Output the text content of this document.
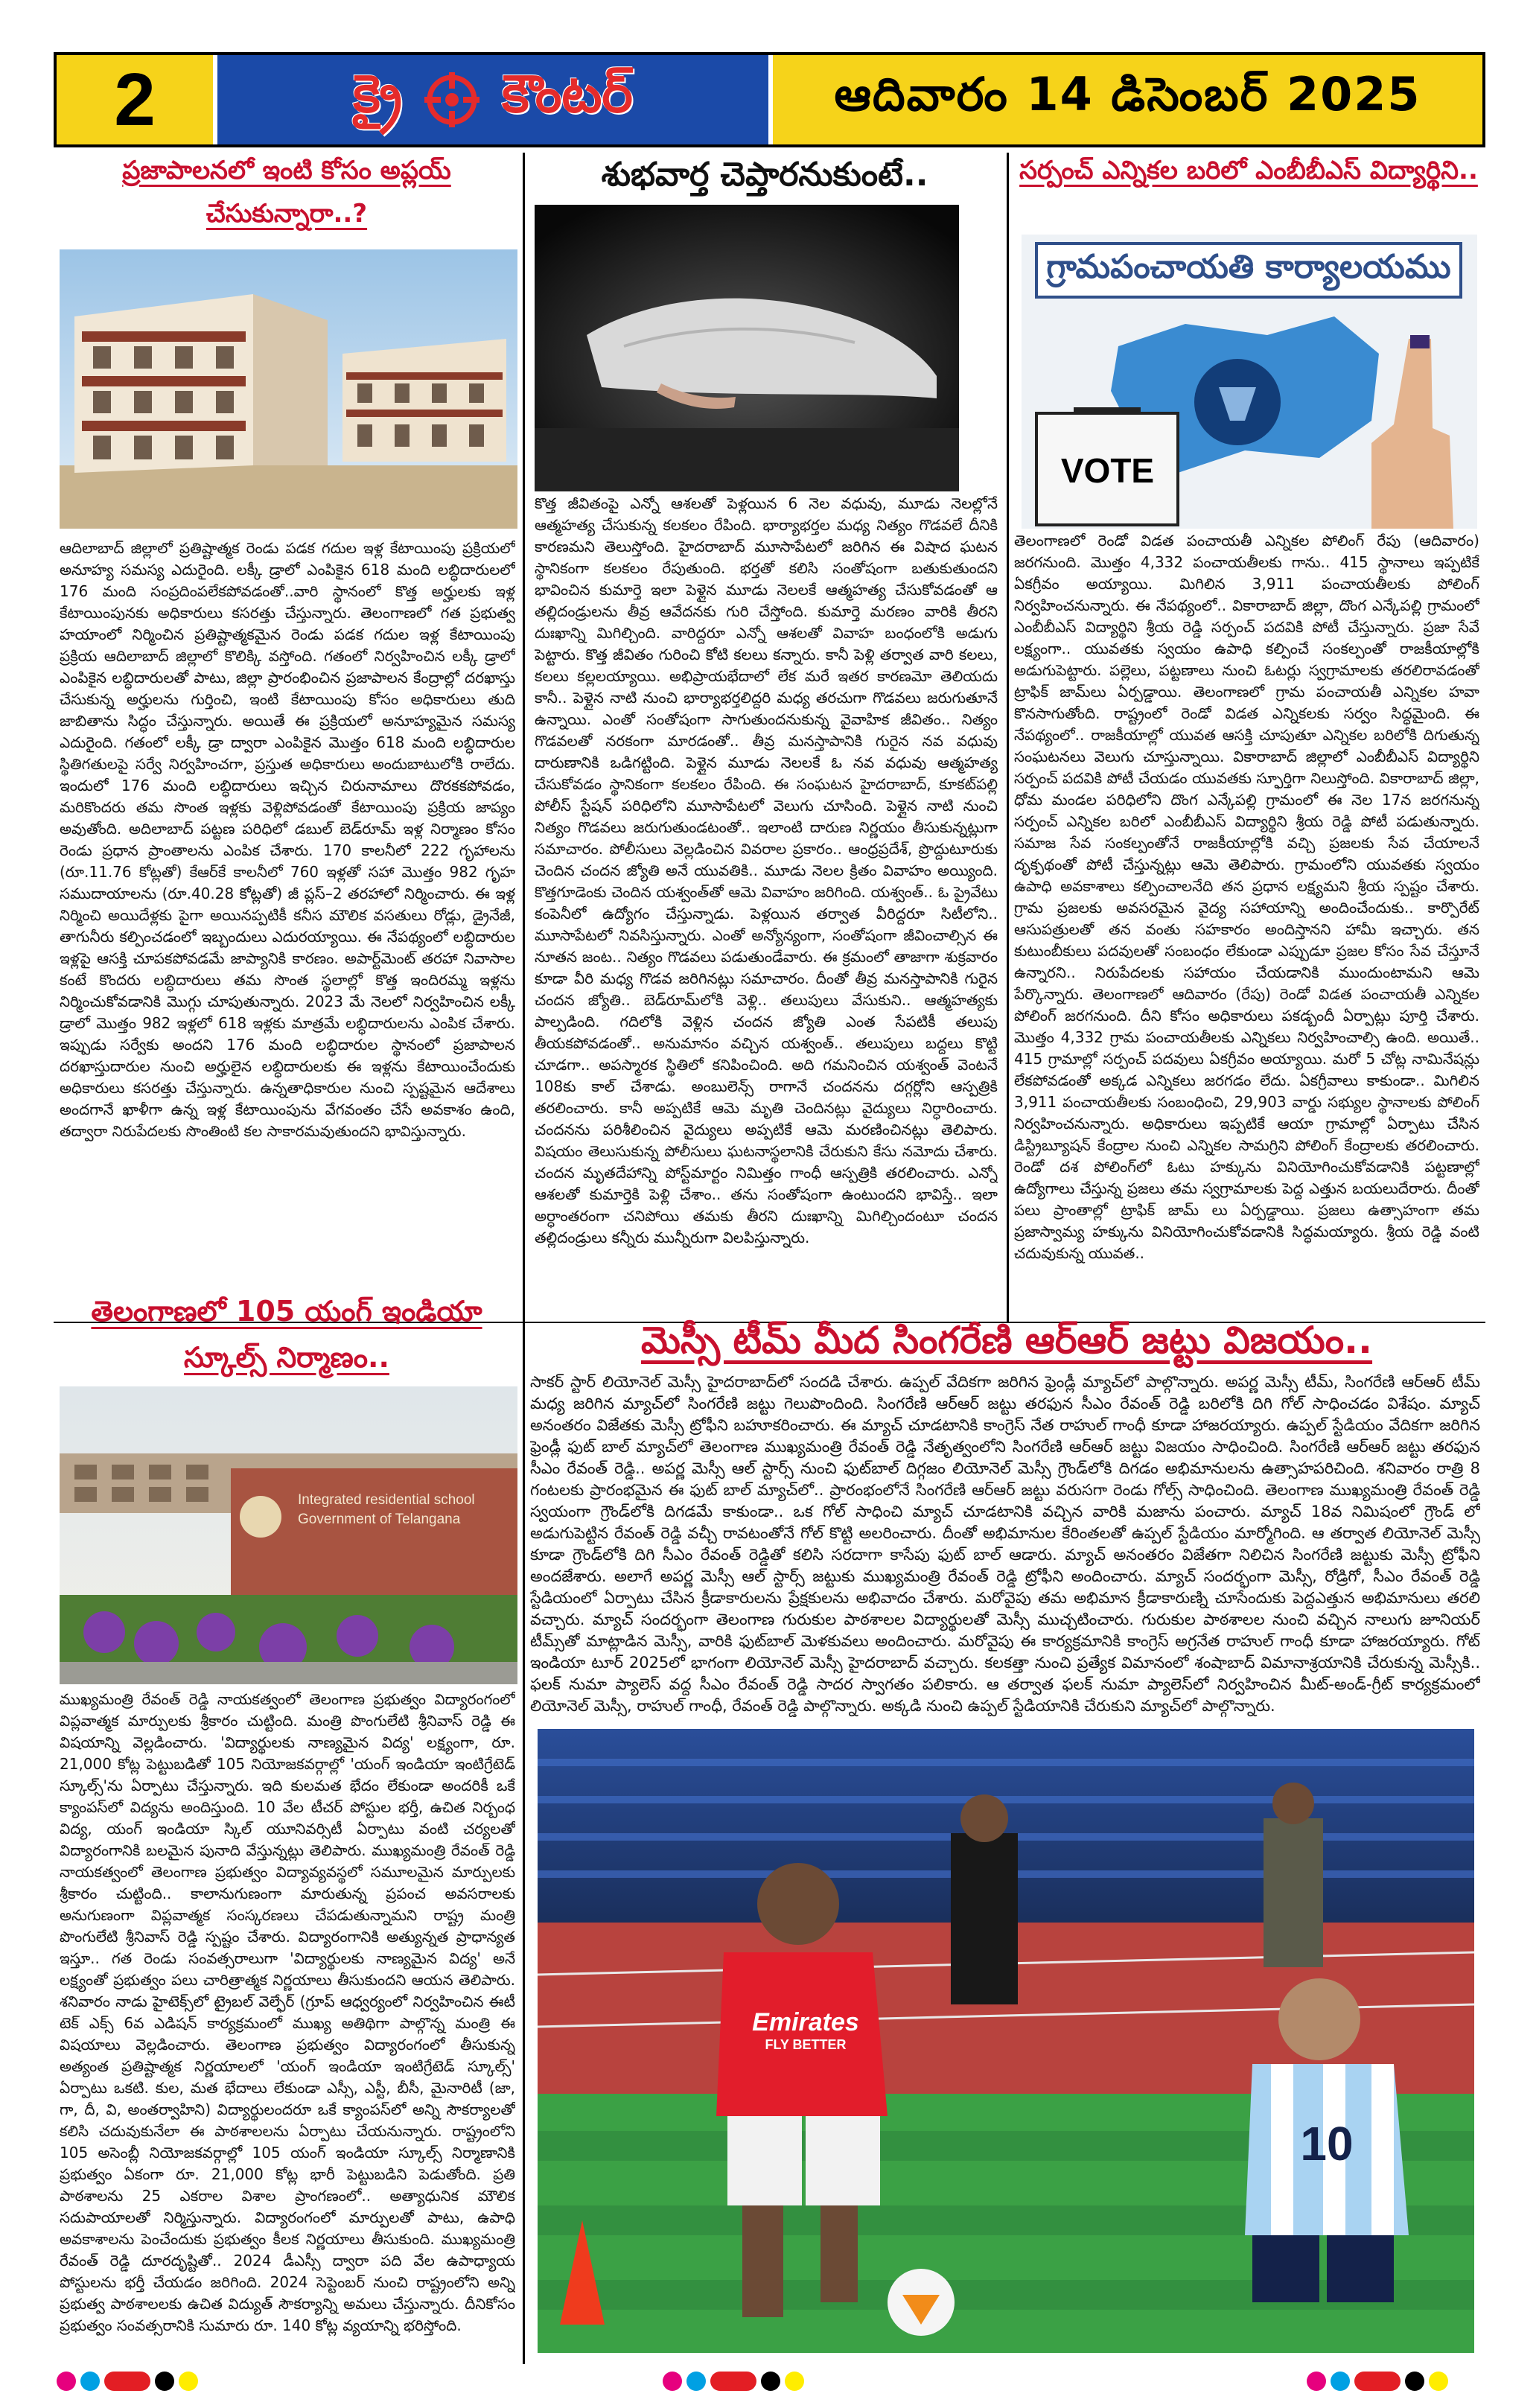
2	క్రై కౌంటర్	ఆదివారం 14 డిసెంబర్ 2025
ప్రజాపాలనలో ఇంటి కోసం అప్లయ్ చేసుకున్నారా..?

ఆదిలాబాద్ జిల్లాలో ప్రతిష్టాత్మక రెండు పడక గదుల ఇళ్ల కేటాయింపు ప్రక్రియలో అనూహ్య సమస్య ఎదురైంది. లక్కీ డ్రాలో ఎంపికైన 618 మంది లబ్ధిదారులలో 176 మంది సంప్రదింపలేకపోవడంతో..వారి స్థానంలో కొత్త అర్హులకు ఇళ్ల కేటాయింపునకు అధికారులు కసరత్తు చేస్తున్నారు. తెలంగాణలో గత ప్రభుత్వ హయాంలో నిర్మించిన ప్రతిష్టాత్మకమైన రెండు పడక గదుల ఇళ్ల కేటాయింపు ప్రక్రియ ఆదిలాబాద్ జిల్లాలో కొలిక్కి వస్తోంది. గతంలో నిర్వహించిన లక్కీ డ్రాలో ఎంపికైన లబ్ధిదారులతో పాటు, జిల్లా ప్రారంభించిన ప్రజాపాలన కేంద్రాల్లో దరఖాస్తు చేసుకున్న అర్హులను గుర్తించి, ఇంటి కేటాయింపు కోసం అధికారులు తుది జాబితాను సిద్ధం చేస్తున్నారు. అయితే ఈ ప్రక్రియలో అనూహ్యమైన సమస్య ఎదురైంది. గతంలో లక్కీ డ్రా ద్వారా ఎంపికైన మొత్తం 618 మంది లబ్ధిదారుల స్థితిగతులపై సర్వే నిర్వహించగా, ప్రస్తుత అధికారులు అందుబాటులోకి రాలేదు. ఇందులో 176 మంది లబ్ధిదారులు ఇచ్చిన చిరునామాలు దొరకకపోవడం, మరికొందరు తమ సొంత ఇళ్లకు వెళ్లిపోవడంతో కేటాయింపు ప్రక్రియ జాప్యం అవుతోంది. అదిలాబాద్ పట్టణ పరిధిలో డబుల్ బెడ్‌రూమ్ ఇళ్ల నిర్మాణం కోసం రెండు ప్రధాన ప్రాంతాలను ఎంపిక చేశారు. 170 కాలనీలో 222 గృహాలను (రూ.11.76 కోట్లతో) కేఆర్‌కే కాలనీలో 760 ఇళ్లతో సహా మొత్తం 982 గృహ సముదాయాలను (రూ.40.28 కోట్లతో) జీ ప్లస్–2 తరహాలో నిర్మించారు. ఈ ఇళ్ల నిర్మించి అయిదేళ్లకు పైగా అయినప్పటికీ కనీస మౌలిక వసతులు రోడ్లు, డ్రైనేజీ, తాగునీరు కల్పించడంలో ఇబ్బందులు ఎదురయ్యాయి. ఈ నేపథ్యంలో లబ్ధిదారుల ఇళ్లపై ఆసక్తి చూపకపోవడమే జాప్యానికి కారణం. అపార్ట్‌మెంట్ తరహా నివాసాల కంటే కొందరు లబ్ధిదారులు తమ సొంత స్థలాల్లో కొత్త ఇందిరమ్మ ఇళ్లను నిర్మించుకోవడానికి మొగ్గు చూపుతున్నారు. 2023 మే నెలలో నిర్వహించిన లక్కీ డ్రాలో మొత్తం 982 ఇళ్లలో 618 ఇళ్లకు మాత్రమే లబ్ధిదారులను ఎంపిక చేశారు. ఇప్పుడు సర్వేకు అందని 176 మంది లబ్ధిదారుల స్థానంలో ప్రజాపాలన దరఖాస్తుదారుల నుంచి అర్హులైన లబ్ధిదారులకు ఈ ఇళ్లను కేటాయించేందుకు అధికారులు కసరత్తు చేస్తున్నారు. ఉన్నతాధికారుల నుంచి స్పష్టమైన ఆదేశాలు అందగానే ఖాళీగా ఉన్న ఇళ్ల కేటాయింపును వేగవంతం చేసే అవకాశం ఉంది, తద్వారా నిరుపేదలకు సొంతింటి కల సాకారమవుతుందని భావిస్తున్నారు.

శుభవార్త చెప్తారనుకుంటే..

కొత్త జీవితంపై ఎన్నో ఆశలతో పెళ్లయిన 6 నెల వధువు, మూడు నెలల్లోనే ఆత్మహత్య చేసుకున్న కలకలం రేపింది. భార్యాభర్తల మధ్య నిత్యం గొడవలే దీనికి కారణమని తెలుస్తోంది. హైదరాబాద్ మూసాపేటలో జరిగిన ఈ విషాద ఘటన స్థానికంగా కలకలం రేపుతుంది. భర్తతో కలిసి సంతోషంగా బతుకుతుందని భావించిన కుమార్తె ఇలా పెళ్లైన మూడు నెలలకే ఆత్మహత్య చేసుకోవడంతో ఆ తల్లిదండ్రులను తీవ్ర ఆవేదనకు గురి చేస్తోంది. కుమార్తె మరణం వారికి తీరని దుఃఖాన్ని మిగిల్చింది. వారిద్దరూ ఎన్నో ఆశలతో వివాహ బంధంలోకి అడుగు పెట్టారు. కొత్త జీవితం గురించి కోటి కలలు కన్నారు. కానీ పెళ్లి తర్వాత వారి కలలు, కలలు కల్లలయ్యాయి. అభిప్రాయభేదాలో లేక మరే ఇతర కారణమో తెలియదు కానీ.. పెళ్లైన నాటి నుంచి భార్యాభర్తలిద్దరి మధ్య తరచుగా గొడవలు జరుగుతూనే ఉన్నాయి. ఎంతో సంతోషంగా సాగుతుందనుకున్న వైవాహిక జీవితం.. నిత్యం గొడవలతో నరకంగా మారడంతో.. తీవ్ర మనస్తాపానికి గురైన నవ వధువు దారుణానికి ఒడిగట్టింది. పెళ్లైన మూడు నెలలకే ఓ నవ వధువు ఆత్మహత్య చేసుకోవడం స్థానికంగా కలకలం రేపింది. ఈ సంఘటన హైదరాబాద్, కూకట్‌పల్లి పోలీస్ స్టేషన్ పరిధిలోని మూసాపేటలో వెలుగు చూసింది. పెళ్లైన నాటి నుంచి నిత్యం గొడవలు జరుగుతుండటంతో.. ఇలాంటి దారుణ నిర్ణయం తీసుకున్నట్లుగా సమాచారం. పోలీసులు వెల్లడించిన వివరాల ప్రకారం.. ఆంధ్రప్రదేశ్, ప్రొద్దుటూరుకు చెందిన చందన జ్యోతి అనే యువతికి.. మూడు నెలల క్రితం వివాహం అయ్యింది. కొత్తగూడెంకు చెందిన యశ్వంత్‌తో ఆమె వివాహం జరిగింది. యశ్వంత్.. ఓ ప్రైవేటు కంపెనీలో ఉద్యోగం చేస్తున్నాడు. పెళ్లయిన తర్వాత వీరిద్దరూ సిటీలోని.. మూసాపేటలో నివసిస్తున్నారు. ఎంతో అన్యోన్యంగా, సంతోషంగా జీవించాల్సిన ఈ నూతన జంట.. నిత్యం గొడవలు పడుతుండేవారు. ఈ క్రమంలో తాజాగా శుక్రవారం కూడా వీరి మధ్య గొడవ జరిగినట్లు సమాచారం. దీంతో తీవ్ర మనస్తాపానికి గురైన చందన జ్యోతి.. బెడ్‌రూమ్‌లోకి వెళ్లి.. తలుపులు వేసుకుని.. ఆత్మహత్యకు పాల్పడింది. గదిలోకి వెళ్లిన చందన జ్యోతి ఎంత సేపటికీ తలుపు తీయకపోవడంతో.. అనుమానం వచ్చిన యశ్వంత్.. తలుపులు బద్దలు కొట్టి చూడగా.. అపస్మారక స్థితిలో కనిపించింది. అది గమనించిన యశ్వంత్ వెంటనే 108కు కాల్ చేశాడు. అంబులెన్స్ రాగానే చందనను దగ్గర్లోని ఆస్పత్రికి తరలించారు. కానీ అప్పటికే ఆమె మృతి చెందినట్లు వైద్యులు నిర్ధారించారు. చందనను పరిశీలించిన వైద్యులు అప్పటికే ఆమె మరణించినట్లు తెలిపారు. విషయం తెలుసుకున్న పోలీసులు ఘటనాస్థలానికి చేరుకుని కేసు నమోదు చేశారు. చందన మృతదేహాన్ని పోస్ట్‌మార్టం నిమిత్తం గాంధీ ఆస్పత్రికి తరలించారు. ఎన్నో ఆశలతో కుమార్తెకి పెళ్లి చేశాం.. తను సంతోషంగా ఉంటుందని భావిస్తే.. ఇలా అర్ధాంతరంగా చనిపోయి తమకు తీరని దుఃఖాన్ని మిగిల్చిందంటూ చందన తల్లిదండ్రులు కన్నీరు మున్నీరుగా విలపిస్తున్నారు.

సర్పంచ్ ఎన్నికల బరిలో ఎంబీబీఎస్ విద్యార్థిని..
గ్రామపంచాయతి కార్యాలయము
VOTE

తెలంగాణలో రెండో విడత పంచాయతీ ఎన్నికల పోలింగ్ రేపు (ఆదివారం) జరగనుంది. మొత్తం 4,332 పంచాయతీలకు గాను.. 415 స్థానాలు ఇప్పటికే ఏకగ్రీవం అయ్యాయి. మిగిలిన 3,911 పంచాయతీలకు పోలింగ్ నిర్వహించనున్నారు. ఈ నేపథ్యంలో.. వికారాబాద్ జిల్లా, దొంగ ఎన్కేపల్లి గ్రామంలో ఎంబీబీఎస్ విద్యార్థిని శ్రీయ రెడ్డి సర్పంచ్ పదవికి పోటీ చేస్తున్నారు. ప్రజా సేవే లక్ష్యంగా.. యువతకు స్వయం ఉపాధి కల్పించే సంకల్పంతో రాజకీయాల్లోకి అడుగుపెట్టారు. పల్లెలు, పట్టణాలు నుంచి ఓటర్లు స్వగ్రామాలకు తరలిరావడంతో ట్రాఫిక్ జామ్‌లు ఏర్పడ్డాయి. తెలంగాణలో గ్రామ పంచాయతీ ఎన్నికల హవా కొనసాగుతోంది. రాష్ట్రంలో రెండో విడత ఎన్నికలకు సర్వం సిద్ధమైంది. ఈ నేపథ్యంలో.. రాజకీయాల్లో యువత ఆసక్తి చూపుతూ ఎన్నికల బరిలోకి దిగుతున్న సంఘటనలు వెలుగు చూస్తున్నాయి. వికారాబాద్ జిల్లాలో ఎంబీబీఎస్ విద్యార్థిని సర్పంచ్ పదవికి పోటీ చేయడం యువతకు స్ఫూర్తిగా నిలుస్తోంది. వికారాబాద్ జిల్లా, ధోమ మండల పరిధిలోని దొంగ ఎన్కేపల్లి గ్రామంలో ఈ నెల 17న జరగనున్న సర్పంచ్ ఎన్నికల బరిలో ఎంబీబీఎస్ విద్యార్థిని శ్రీయ రెడ్డి పోటీ పడుతున్నారు. సమాజ సేవ సంకల్పంతోనే రాజకీయాల్లోకి వచ్చి ప్రజలకు సేవ చేయాలనే దృక్పథంతో పోటీ చేస్తున్నట్లు ఆమె తెలిపారు. గ్రామంలోని యువతకు స్వయం ఉపాధి అవకాశాలు కల్పించాలనేది తన ప్రధాన లక్ష్యమని శ్రీయ స్పష్టం చేశారు. గ్రామ ప్రజలకు అవసరమైన వైద్య సహాయాన్ని అందించేందుకు.. కార్పొరేట్ ఆసుపత్రులతో తన వంతు సహకారం అందిస్తానని హామీ ఇచ్చారు. తన కుటుంబీకులు పదవులతో సంబంధం లేకుండా ఎప్పుడూ ప్రజల కోసం సేవ చేస్తూనే ఉన్నారని.. నిరుపేదలకు సహాయం చేయడానికి ముందుంటామని ఆమె పేర్కొన్నారు. తెలంగాణలో ఆదివారం (రేపు) రెండో విడత పంచాయతీ ఎన్నికల పోలింగ్ జరగనుంది. దీని కోసం అధికారులు పకడ్బందీ ఏర్పాట్లు పూర్తి చేశారు. మొత్తం 4,332 గ్రామ పంచాయతీలకు ఎన్నికలు నిర్వహించాల్సి ఉంది. అయితే.. 415 గ్రామాల్లో సర్పంచ్ పదవులు ఏకగ్రీవం అయ్యాయి. మరో 5 చోట్ల నామినేషన్లు లేకపోవడంతో అక్కడ ఎన్నికలు జరగడం లేదు. ఏకగ్రీవాలు కాకుండా.. మిగిలిన 3,911 పంచాయతీలకు సంబంధించి, 29,903 వార్డు సభ్యుల స్థానాలకు పోలింగ్ నిర్వహించనున్నారు. అధికారులు ఇప్పటికే ఆయా గ్రామాల్లో ఏర్పాటు చేసిన డిస్ట్రిబ్యూషన్ కేంద్రాల నుంచి ఎన్నికల సామగ్రిని పోలింగ్ కేంద్రాలకు తరలించారు. రెండో దశ పోలింగ్‌లో ఓటు హక్కును వినియోగించుకోవడానికి పట్టణాల్లో ఉద్యోగాలు చేస్తున్న ప్రజలు తమ స్వగ్రామాలకు పెద్ద ఎత్తున బయలుదేరారు. దీంతో పలు ప్రాంతాల్లో ట్రాఫిక్ జామ్ లు ఏర్పడ్డాయి. ప్రజలు ఉత్సాహంగా తమ ప్రజాస్వామ్య హక్కును వినియోగించుకోవడానికి సిద్ధమయ్యారు. శ్రీయ రెడ్డి వంటి చదువుకున్న యువత..

తెలంగాణలో 105 యంగ్ ఇండియా స్కూల్స్ నిర్మాణం..
Integrated residential school
Government of Telangana

ముఖ్యమంత్రి రేవంత్ రెడ్డి నాయకత్వంలో తెలంగాణ ప్రభుత్వం విద్యారంగంలో విప్లవాత్మక మార్పులకు శ్రీకారం చుట్టింది. మంత్రి పొంగులేటి శ్రీనివాస్ రెడ్డి ఈ విషయాన్ని వెల్లడించారు. 'విద్యార్థులకు నాణ్యమైన విద్య' లక్ష్యంగా, రూ. 21,000 కోట్ల పెట్టుబడితో 105 నియోజకవర్గాల్లో 'యంగ్ ఇండియా ఇంటిగ్రేటెడ్ స్కూల్స్'ను ఏర్పాటు చేస్తున్నారు. ఇది కులమత భేదం లేకుండా అందరికీ ఒకే క్యాంపస్‌లో విద్యను అందిస్తుంది. 10 వేల టీచర్ పోస్టుల భర్తీ, ఉచిత నిర్బంధ విద్య, యంగ్ ఇండియా స్కిల్ యూనివర్సిటీ ఏర్పాటు వంటి చర్యలతో విద్యారంగానికి బలమైన పునాది వేస్తున్నట్లు తెలిపారు. ముఖ్యమంత్రి రేవంత్ రెడ్డి నాయకత్వంలో తెలంగాణ ప్రభుత్వం విద్యావ్యవస్థలో సమూలమైన మార్పులకు శ్రీకారం చుట్టింది.. కాలానుగుణంగా మారుతున్న ప్రపంచ అవసరాలకు అనుగుణంగా విప్లవాత్మక సంస్కరణలు చేపడుతున్నామని రాష్ట్ర మంత్రి పొంగులేటి శ్రీనివాస్ రెడ్డి స్పష్టం చేశారు. విద్యారంగానికి అత్యున్నత ప్రాధాన్యత ఇస్తూ.. గత రెండు సంవత్సరాలుగా 'విద్యార్థులకు నాణ్యమైన విద్య' అనే లక్ష్యంతో ప్రభుత్వం పలు చారిత్రాత్మక నిర్ణయాలు తీసుకుందని ఆయన తెలిపారు. శనివారం నాడు హైటెక్స్‌లో ట్రైబల్ వెల్ఫేర్ (గ్రూప్ ఆధ్వర్యంలో నిర్వహించిన ఈటీ టెక్ ఎక్స్ 6వ ఎడిషన్ కార్యక్రమంలో ముఖ్య అతిథిగా పాల్గొన్న మంత్రి ఈ విషయాలు వెల్లడించారు. తెలంగాణ ప్రభుత్వం విద్యారంగంలో తీసుకున్న అత్యంత ప్రతిష్టాత్మక నిర్ణయాలలో 'యంగ్ ఇండియా ఇంటిగ్రేటెడ్ స్కూల్స్' ఏర్పాటు ఒకటి. కుల, మత భేదాలు లేకుండా ఎస్సీ, ఎస్టీ, బీసీ, మైనారిటీ (జా, గా, దీ, వి, అంతర్వాహిని) విద్యార్థులందరూ ఒకే క్యాంపస్‌లో అన్ని సౌకర్యాలతో కలిసి చదువుకునేలా ఈ పాఠశాలలను ఏర్పాటు చేయనున్నారు. రాష్ట్రంలోని 105 అసెంబ్లీ నియోజకవర్గాల్లో 105 యంగ్ ఇండియా స్కూల్స్ నిర్మాణానికి ప్రభుత్వం ఏకంగా రూ. 21,000 కోట్ల భారీ పెట్టుబడిని పెడుతోంది. ప్రతి పాఠశాలను 25 ఎకరాల విశాల ప్రాంగణంలో.. అత్యాధునిక మౌలిక సదుపాయాలతో నిర్మిస్తున్నారు. విద్యారంగంలో మార్పులతో పాటు, ఉపాధి అవకాశాలను పెంచేందుకు ప్రభుత్వం కీలక నిర్ణయాలు తీసుకుంది. ముఖ్యమంత్రి రేవంత్ రెడ్డి దూరదృష్టితో.. 2024 డీఎస్సీ ద్వారా పది వేల ఉపాధ్యాయ పోస్టులను భర్తీ చేయడం జరిగింది. 2024 సెప్టెంబర్ నుంచి రాష్ట్రంలోని అన్ని ప్రభుత్వ పాఠశాలలకు ఉచిత విద్యుత్ సౌకర్యాన్ని అమలు చేస్తున్నారు. దీనికోసం ప్రభుత్వం సంవత్సరానికి సుమారు రూ. 140 కోట్ల వ్యయాన్ని భరిస్తోంది.

మెస్సీ టీమ్ మీద సింగరేణి ఆర్ఆర్ జట్టు విజయం..

సాకర్ స్టార్ లియోనెల్ మెస్సీ హైదరాబాద్‌లో సందడి చేశారు. ఉప్పల్ వేదికగా జరిగిన ఫ్రెండ్లీ మ్యాచ్‌లో పాల్గొన్నారు. అపర్ణ మెస్సీ టీమ్, సింగరేణి ఆర్ఆర్ టీమ్ మధ్య జరిగిన మ్యాచ్‌లో సింగరేణి జట్టు గెలుపొందింది. సింగరేణి ఆర్ఆర్ జట్టు తరఫున సీఎం రేవంత్ రెడ్డి బరిలోకి దిగి గోల్ సాధించడం విశేషం. మ్యాచ్ అనంతరం విజేతకు మెస్సీ ట్రోఫీని బహూకరించారు. ఈ మ్యాచ్ చూడటానికి కాంగ్రెస్ నేత రాహుల్ గాంధీ కూడా హాజరయ్యారు. ఉప్పల్ స్టేడియం వేదికగా జరిగిన ఫ్రెండ్లీ ఫుట్ బాల్ మ్యాచ్‌లో తెలంగాణ ముఖ్యమంత్రి రేవంత్ రెడ్డి నేతృత్వంలోని సింగరేణి ఆర్ఆర్ జట్టు విజయం సాధించింది. సింగరేణి ఆర్ఆర్ జట్టు తరఫున సీఎం రేవంత్ రెడ్డి.. అపర్ణ మెస్సీ ఆల్ స్టార్స్ నుంచి ఫుట్‌బాల్ దిగ్గజం లియోనెల్ మెస్సీ గ్రౌండ్‌లోకి దిగడం అభిమానులను ఉత్సాహపరిచింది. శనివారం రాత్రి 8 గంటలకు ప్రారంభమైన ఈ ఫుట్ బాల్ మ్యాచ్‌లో.. ప్రారంభంలోనే సింగరేణి ఆర్ఆర్ జట్టు వరుసగా రెండు గోల్స్ సాధించింది. తెలంగాణ ముఖ్యమంత్రి రేవంత్ రెడ్డి స్వయంగా గ్రౌండ్‌లోకి దిగడమే కాకుండా.. ఒక గోల్ సాధించి మ్యాచ్ చూడటానికి వచ్చిన వారికి మజాను పంచారు. మ్యాచ్ 18వ నిమిషంలో గ్రౌండ్ లో అడుగుపెట్టిన రేవంత్ రెడ్డి వచ్చీ రావటంతోనే గోల్ కొట్టి అలరించారు. దీంతో అభిమానుల కేరింతలతో ఉప్పల్ స్టేడియం మార్మోగింది. ఆ తర్వాత లియోనెల్ మెస్సీ కూడా గ్రౌండ్‌లోకి దిగి సీఎం రేవంత్ రెడ్డితో కలిసి సరదాగా కాసేపు ఫుట్ బాల్ ఆడారు. మ్యాచ్ అనంతరం విజేతగా నిలిచిన సింగరేణి జట్టుకు మెస్సీ ట్రోఫీని అందజేశారు. అలాగే అపర్ణ మెస్సీ ఆల్ స్టార్స్ జట్టుకు ముఖ్యమంత్రి రేవంత్ రెడ్డి ట్రోఫీని అందించారు. మ్యాచ్ సందర్భంగా మెస్సీ, రోడ్రిగో, సీఎం రేవంత్ రెడ్డి స్టేడియంలో ఏర్పాటు చేసిన క్రీడాకారులను ప్రేక్షకులను అభివాదం చేశారు. మరోవైపు తమ అభిమాన క్రీడాకారుణ్ని చూసేందుకు పెద్దఎత్తున అభిమానులు తరలి వచ్చారు. మ్యాచ్ సందర్భంగా తెలంగాణ గురుకుల పాఠశాలల విద్యార్థులతో మెస్సీ ముచ్చటించారు. గురుకుల పాఠశాలల నుంచి వచ్చిన నాలుగు జూనియర్ టీమ్స్‌తో మాట్లాడిన మెస్సీ, వారికి ఫుట్‌బాల్ మెళకువలు అందించారు. మరోవైపు ఈ కార్యక్రమానికి కాంగ్రెస్ అగ్రనేత రాహుల్ గాంధీ కూడా హాజరయ్యారు. గోట్ ఇండియా టూర్ 2025లో భాగంగా లియోనెల్ మెస్సీ హైదరాబాద్ వచ్చారు. కలకత్తా నుంచి ప్రత్యేక విమానంలో శంషాబాద్ విమానాశ్రయానికి చేరుకున్న మెస్సీకి.. ఫలక్ నుమా ప్యాలెస్ వద్ద సీఎం రేవంత్ రెడ్డి సాదర స్వాగతం పలికారు. ఆ తర్వాత ఫలక్ నుమా ప్యాలెస్‌లో నిర్వహించిన మీట్-అండ్-గ్రీట్ కార్యక్రమంలో లియోనెల్ మెస్సీ, రాహుల్ గాంధీ, రేవంత్ రెడ్డి పాల్గొన్నారు. అక్కడి నుంచి ఉప్పల్ స్టేడియానికి చేరుకుని మ్యాచ్‌లో పాల్గొన్నారు.

Emirates
FLY BETTER
10
